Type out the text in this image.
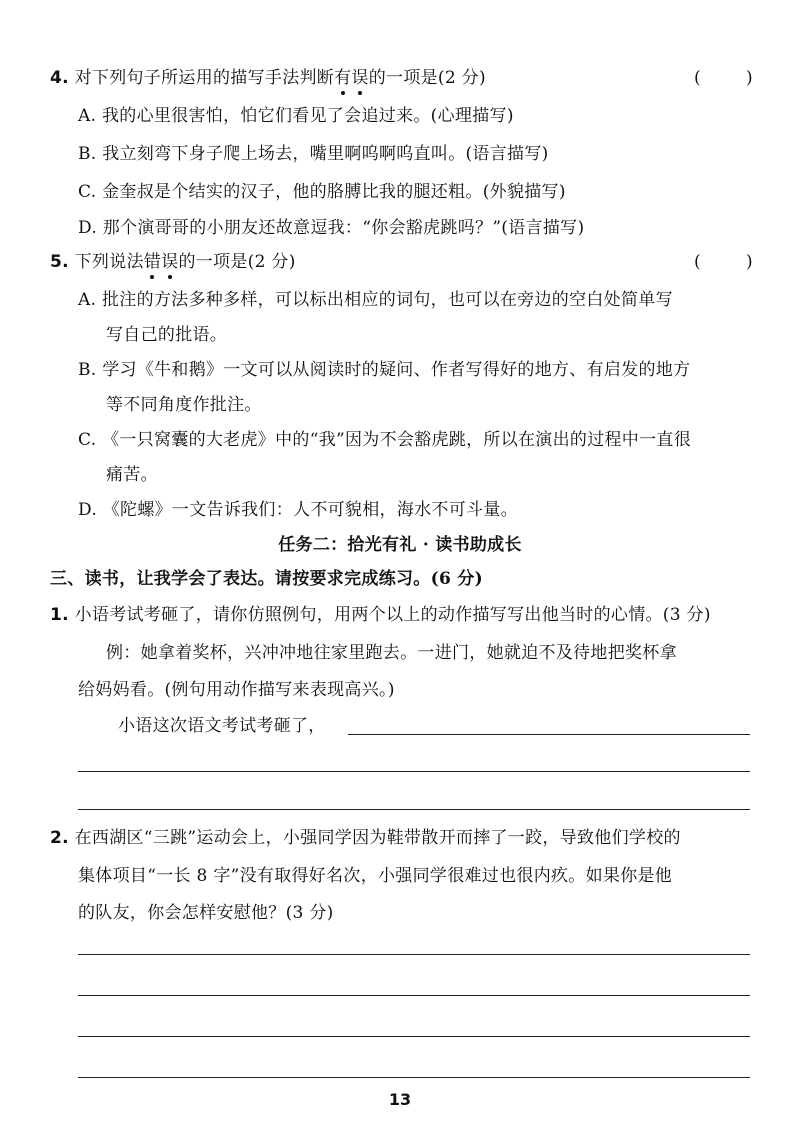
4. 对下列句子所运用的描写手法判断有误的一项是(2 分)	( )
A. 我的心里很害怕，怕它们看见了会追过来。(心理描写)
B. 我立刻弯下身子爬上场去，嘴里啊呜啊呜直叫。(语言描写)
C. 金奎叔是个结实的汉子，他的胳膊比我的腿还粗。(外貌描写)
D. 那个演哥哥的小朋友还故意逗我：“你会豁虎跳吗？”(语言描写)
5. 下列说法错误的一项是(2 分)	( )
A. 批注的方法多种多样，可以标出相应的词句，也可以在旁边的空白处简单写
写自己的批语。
B. 学习《牛和鹅》一文可以从阅读时的疑问、作者写得好的地方、有启发的地方
等不同角度作批注。
C. 《一只窝囊的大老虎》中的“我”因为不会豁虎跳，所以在演出的过程中一直很
痛苦。
D. 《陀螺》一文告诉我们：人不可貌相，海水不可斗量。
任务二：拾光有礼 · 读书助成长
三、读书，让我学会了表达。请按要求完成练习。(6 分)
1. 小语考试考砸了，请你仿照例句，用两个以上的动作描写写出他当时的心情。(3 分)
例：她拿着奖杯，兴冲冲地往家里跑去。一进门，她就迫不及待地把奖杯拿
给妈妈看。(例句用动作描写来表现高兴。)
小语这次语文考试考砸了，
2. 在西湖区“三跳”运动会上，小强同学因为鞋带散开而摔了一跤，导致他们学校的
集体项目“一长 8 字”没有取得好名次，小强同学很难过也很内疚。如果你是他
的队友，你会怎样安慰他？(3 分)
13
